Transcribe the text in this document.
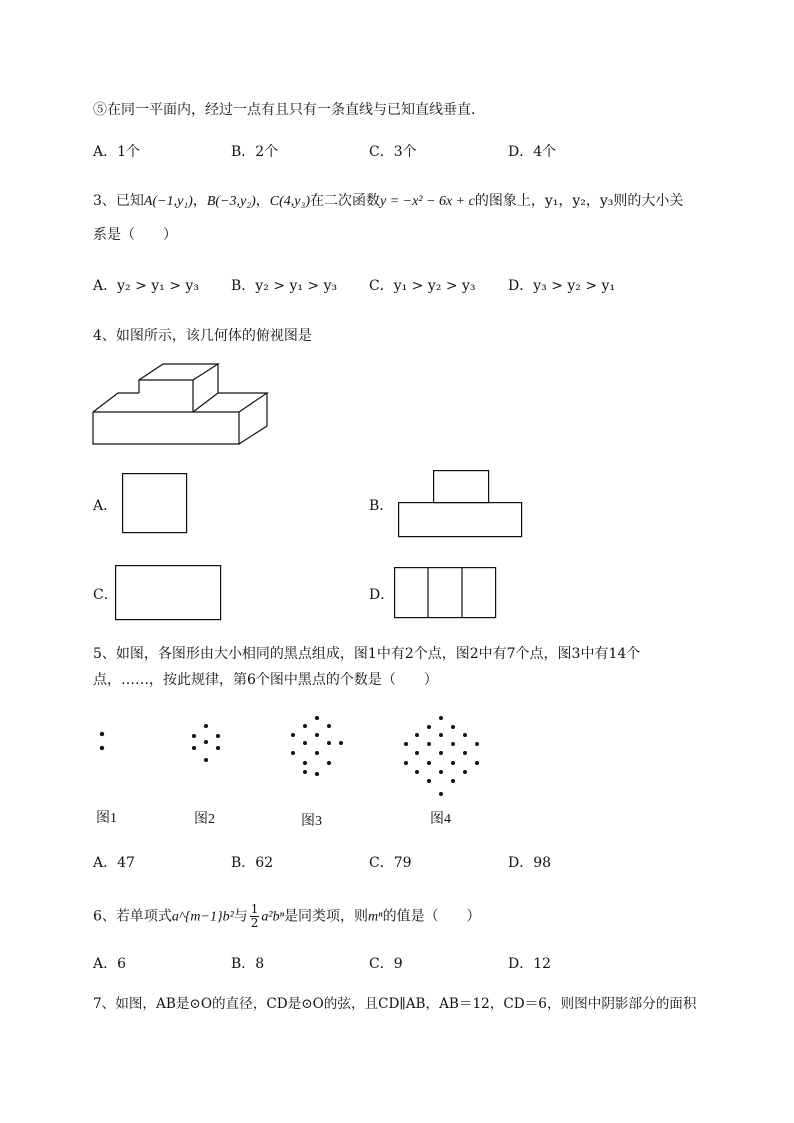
⑤在同一平面内，经过一点有且只有一条直线与已知直线垂直．
A．1个	B．2个	C．3个	D．4个
3、已知A(−1,y₁)，B(−3,y₂)，C(4,y₃)在二次函数y = −x² − 6x + c的图象上，y₁，y₂，y₃则的大小关
系是（　　）
A．y₂ > y₁ > y₃ B．y₂ > y₁ > y₃ C．y₁ > y₂ > y₃ D．y₃ > y₂ > y₁
4、如图所示，该几何体的俯视图是
A．	B．
C．	D．
5、如图，各图形由大小相同的黑点组成，图1中有2个点，图2中有7个点，图3中有14个
点，……，按此规律，第6个图中黑点的个数是（　　）
图1	图2	图3	图4
A．47	B．62	C．79	D．98
6、若单项式a^{m−1}b²与 $\frac{1}{2} a^2b^n$是同类项，则mⁿ的值是（　　）
A．6	B．8	C．9	D．12
7、如图，AB是⊙O的直径，CD是⊙O的弦，且CD∥AB，AB＝12，CD＝6，则图中阴影部分的面积
